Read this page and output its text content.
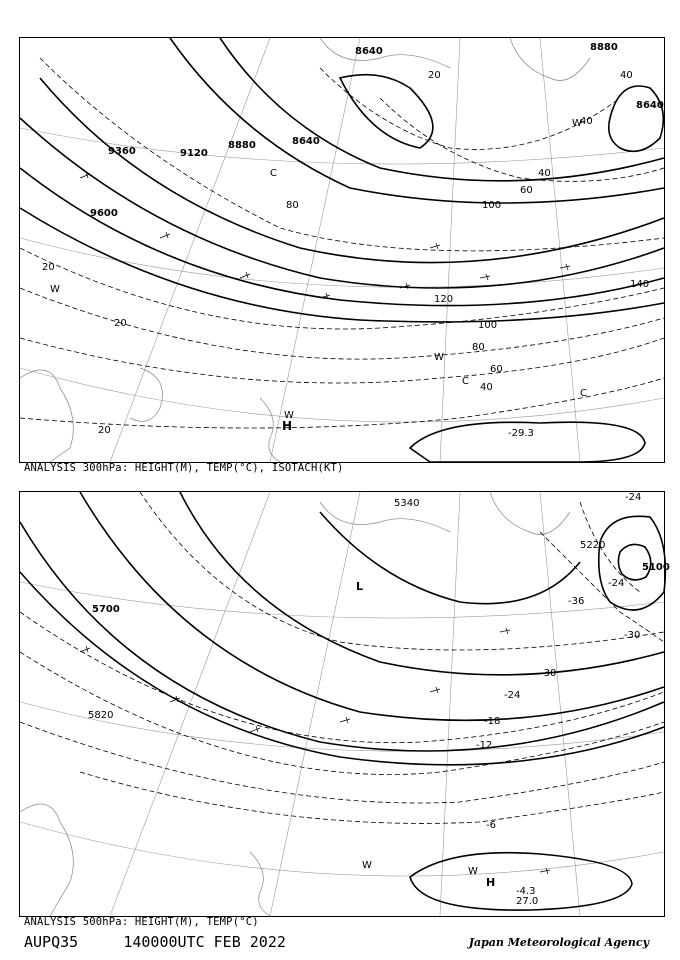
8640	8880
9360	9120
8880	8640
9600
8640
20
40
60
80	100
120
140
100
80
60
40
20
20
20
40
40
-29.3
H
W
W
W
W
C
C
C
ANALYSIS 300hPa: HEIGHT(M), TEMP(°C), ISOTACH(KT)
5340
5220
5100
5700
5820
-24
-24
-30
-36
-30
-24
-18
-12
-6
-4.3
27.0
L
H
W
W
ANALYSIS 500hPa: HEIGHT(M), TEMP(°C)
AUPQ35	140000UTC FEB 2022	Japan Meteorological Agency
